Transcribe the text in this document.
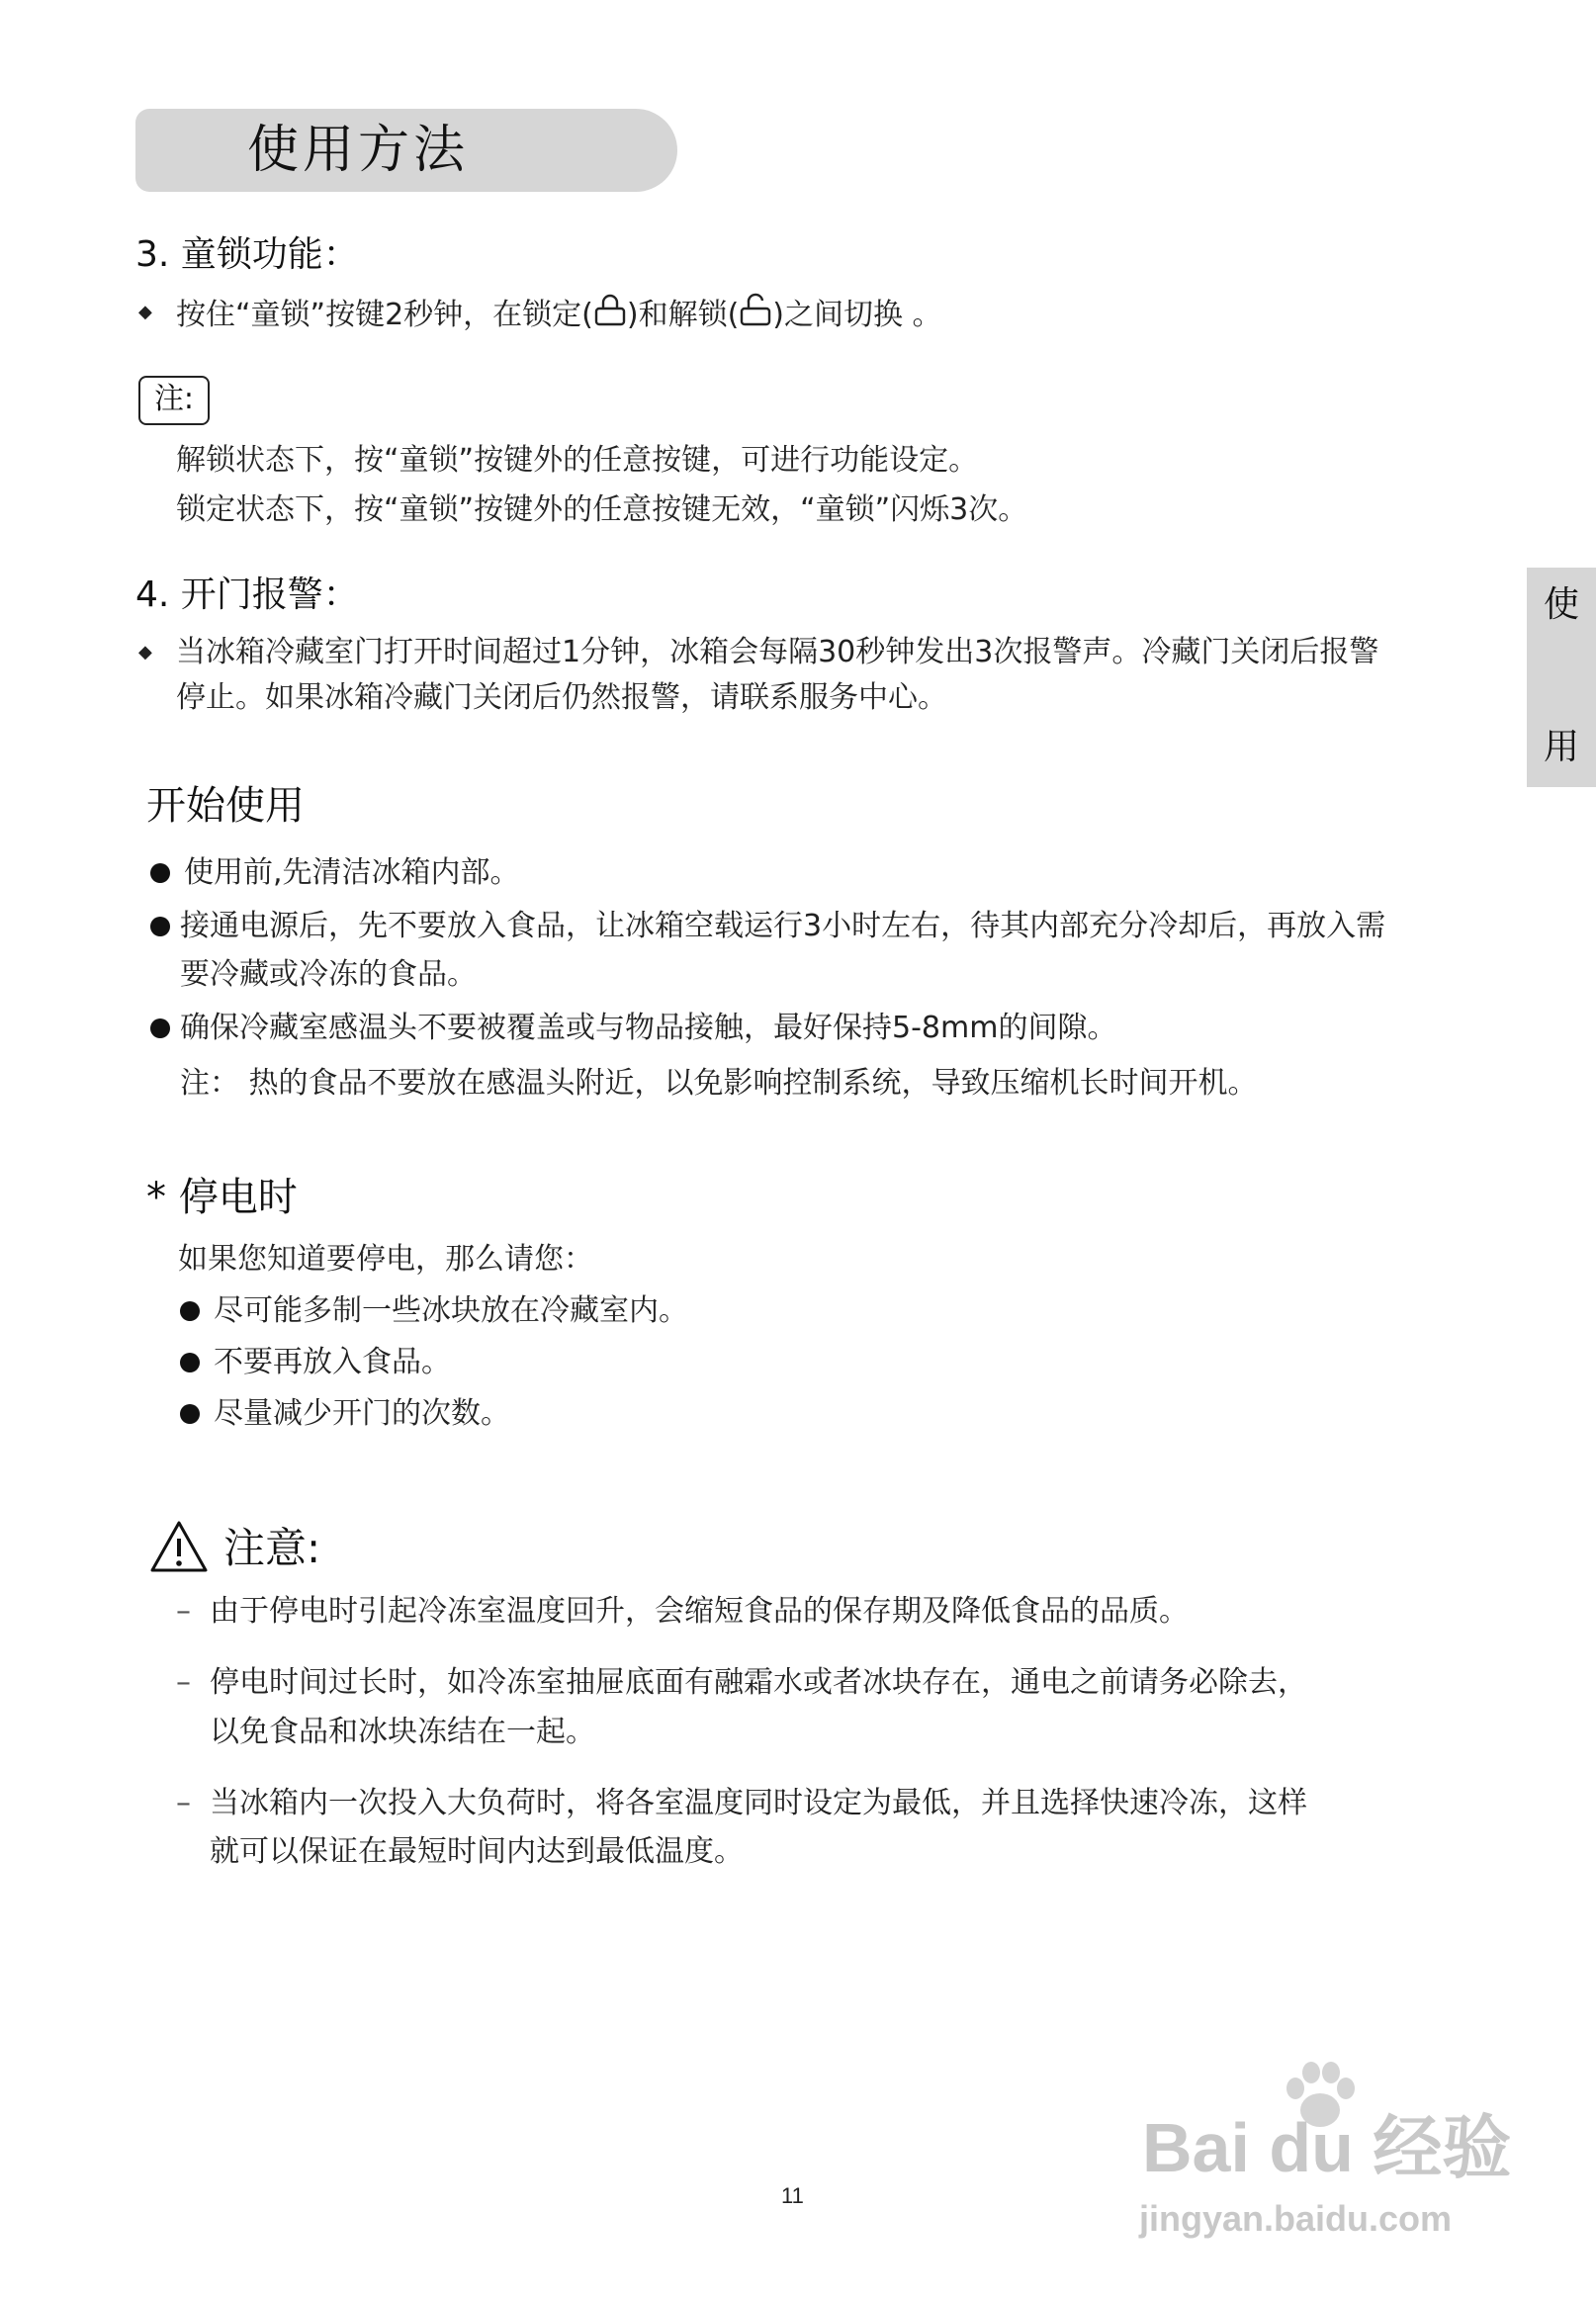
使用方法
使
用
3. 童锁功能：
◆ 按住“童锁”按键2秒钟，在锁定( )和解锁( )之间切换 。
注:
解锁状态下，按“童锁”按键外的任意按键，可进行功能设定。
锁定状态下，按“童锁”按键外的任意按键无效，“童锁”闪烁3次。
4. 开门报警：
◆ 当冰箱冷藏室门打开时间超过1分钟，冰箱会每隔30秒钟发出3次报警声。冷藏门关闭后报警
停止。如果冰箱冷藏门关闭后仍然报警，请联系服务中心。
开始使用
使用前,先清洁冰箱内部。
接通电源后，先不要放入食品，让冰箱空载运行3小时左右，待其内部充分冷却后，再放入需
要冷藏或冷冻的食品。
确保冷藏室感温头不要被覆盖或与物品接触，最好保持5-8mm的间隙。
注： 热的食品不要放在感温头附近，以免影响控制系统，导致压缩机长时间开机。
* 停电时
如果您知道要停电，那么请您：
尽可能多制一些冰块放在冷藏室内。
不要再放入食品。
尽量减少开门的次数。
注意:
– 由于停电时引起冷冻室温度回升，会缩短食品的保存期及降低食品的品质。
– 停电时间过长时，如冷冻室抽屉底面有融霜水或者冰块存在，通电之前请务必除去，
以免食品和冰块冻结在一起。
– 当冰箱内一次投入大负荷时，将各室温度同时设定为最低，并且选择快速冷冻，这样
就可以保证在最短时间内达到最低温度。
11
Bai du 经验
jingyan.baidu.com
